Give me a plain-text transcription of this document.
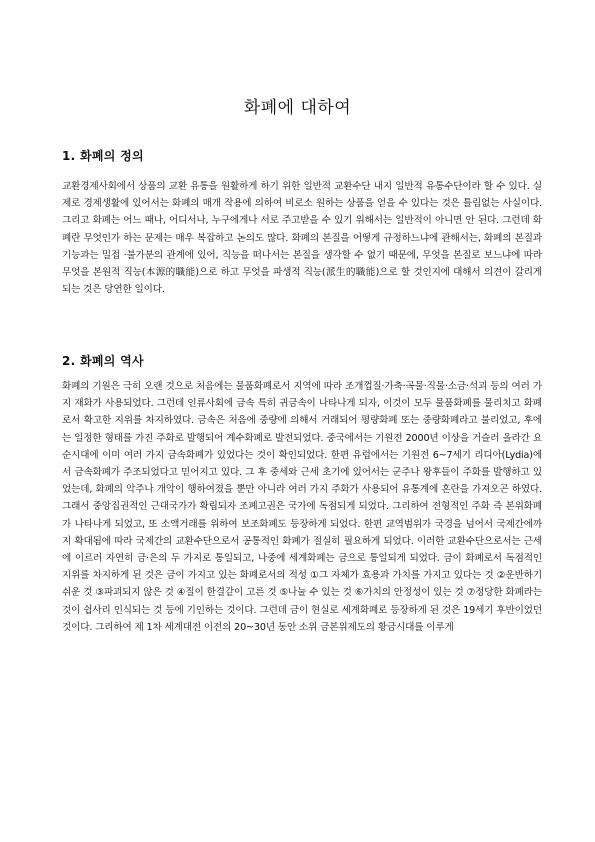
화폐에 대하여
1. 화폐의 정의

교환경제사회에서 상품의 교환 유통을 원활하게 하기 위한 일반적 교환수단 내지 일반적 유통수단이라 할 수 있다. 실제로 경제생활에 있어서는 화폐의 매개 작용에 의하여 비로소 원하는 상품을 얻을 수 있다는 것은 틀림없는 사실이다. 그리고 화폐는 어느 때나, 어디서나, 누구에게나 서로 주고받을 수 있기 위해서는 일반적이 아니면 안 된다. 그런데 화폐란 무엇인가 하는 문제는 매우 복잡하고 논의도 많다. 화폐의 본질을 어떻게 규정하느냐에 관해서는, 화폐의 본질과 기능과는 밀접 ·불가분의 관계에 있어, 직능을 떠나서는 본질을 생각할 수 없기 때문에, 무엇을 본질로 보느냐에 따라 무엇을 본원적 직능(本源的職能)으로 하고 무엇을 파생적 직능(派生的職能)으로 할 것인지에 대해서 의견이 갈리게 되는 것은 당연한 일이다.

2. 화폐의 역사

화폐의 기원은 극히 오랜 것으로 처음에는 물품화폐로서 지역에 따라 조개껍질·가축·곡물·직물·소금·석괴 등의 여러 가지 재화가 사용되었다. 그런데 인류사회에 금속 특히 귀금속이 나타나게 되자, 이것이 모두 물품화폐를 물리치고 화폐로서 확고한 지위를 차지하였다. 금속은 처음에 중량에 의해서 거래되어 평량화폐 또는 중량화폐라고 불리었고, 후에는 일정한 형태를 가진 주화로 발행되어 계수화폐로 발전되었다. 중국에서는 기원전 2000년 이상을 거슬러 올라간 요순시대에 이미 여러 가지 금속화폐가 있었다는 것이 확인되었다. 한편 유럽에서는 기원전 6~7세기 리디아(Lydia)에서 금속화폐가 주조되었다고 믿어지고 있다. 그 후 중세와 근세 초기에 있어서는 군주나 왕후들이 주화를 발행하고 있었는데, 화폐의 악주나 개악이 행하여졌을 뿐만 아니라 여러 가지 주화가 사용되어 유통계에 혼란을 가져오곤 하였다. 그래서 중앙집권적인 근대국가가 확립되자 조폐고권은 국가에 독점되게 되었다. 그리하여 전형적인 주화 즉 본위화폐가 나타나게 되었고, 또 소액거래를 위하여 보조화폐도 등장하게 되었다. 한편 교역범위가 국경을 넘어서 국제간에까지 확대됨에 따라 국제간의 교환수단으로서 공통적인 화폐가 절실히 필요하게 되었다. 이러한 교환수단으로서는 근세에 이르러 자연히 금·은의 두 가지로 통일되고, 나중에 세계화폐는 금으로 통일되게 되었다. 금이 화폐로서 독점적인 지위를 차지하게 된 것은 금이 가지고 있는 화폐로서의 적성 ①그 자체가 효용과 가치를 가지고 있다는 것 ②운반하기 쉬운 것 ③파괴되지 않은 것 ④질이 한결같이 고른 것 ⑤나눌 수 있는 것 ⑥가치의 안정성이 있는 것 ⑦정당한 화폐라는 것이 쉽사리 인식되는 것 등에 기인하는 것이다. 그런데 금이 현실로 세계화폐로 등장하게 된 것은 19세기 후반이었던 것이다. 그리하여 제 1차 세계대전 이전의 20~30년 동안 소위 금본위제도의 황금시대를 이루게
